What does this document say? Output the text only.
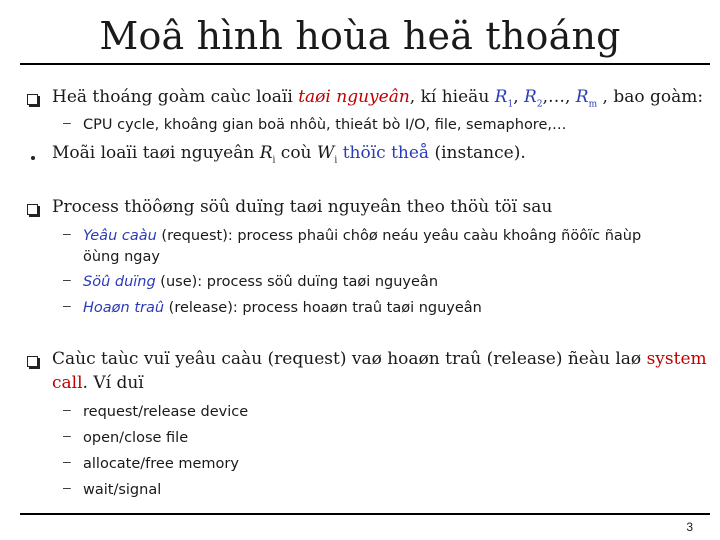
Moâ hình hoùa heä thoáng
Heä thoáng goàm caùc loaïi taøi nguyeân, kí hieäu $R_1$, $R_2,\dots$, $R_m$ , bao goàm:
– CPU cycle, khoâng gian boä nhôù, thieát bò I/O, file, semaphore,…
Moãi loaïi taøi nguyeân $R_i$ coù $W_i$ thöïc theå (instance).
Process thöôøng söû duïng taøi nguyeân theo thöù töï sau
– Yeâu caàu (request): process phaûi chôø neáu yeâu caàu khoâng ñöôïc ñaùp
öùng ngay
– Söû duïng (use): process söû duïng taøi nguyeân
– Hoaøn traû (release): process hoaøn traû taøi nguyeân
Caùc taùc vuï yeâu caàu (request) vaø hoaøn traû (release) ñeàu laø system
call. Ví duï
– request/release device
– open/close file
– allocate/free memory
– wait/signal
3
